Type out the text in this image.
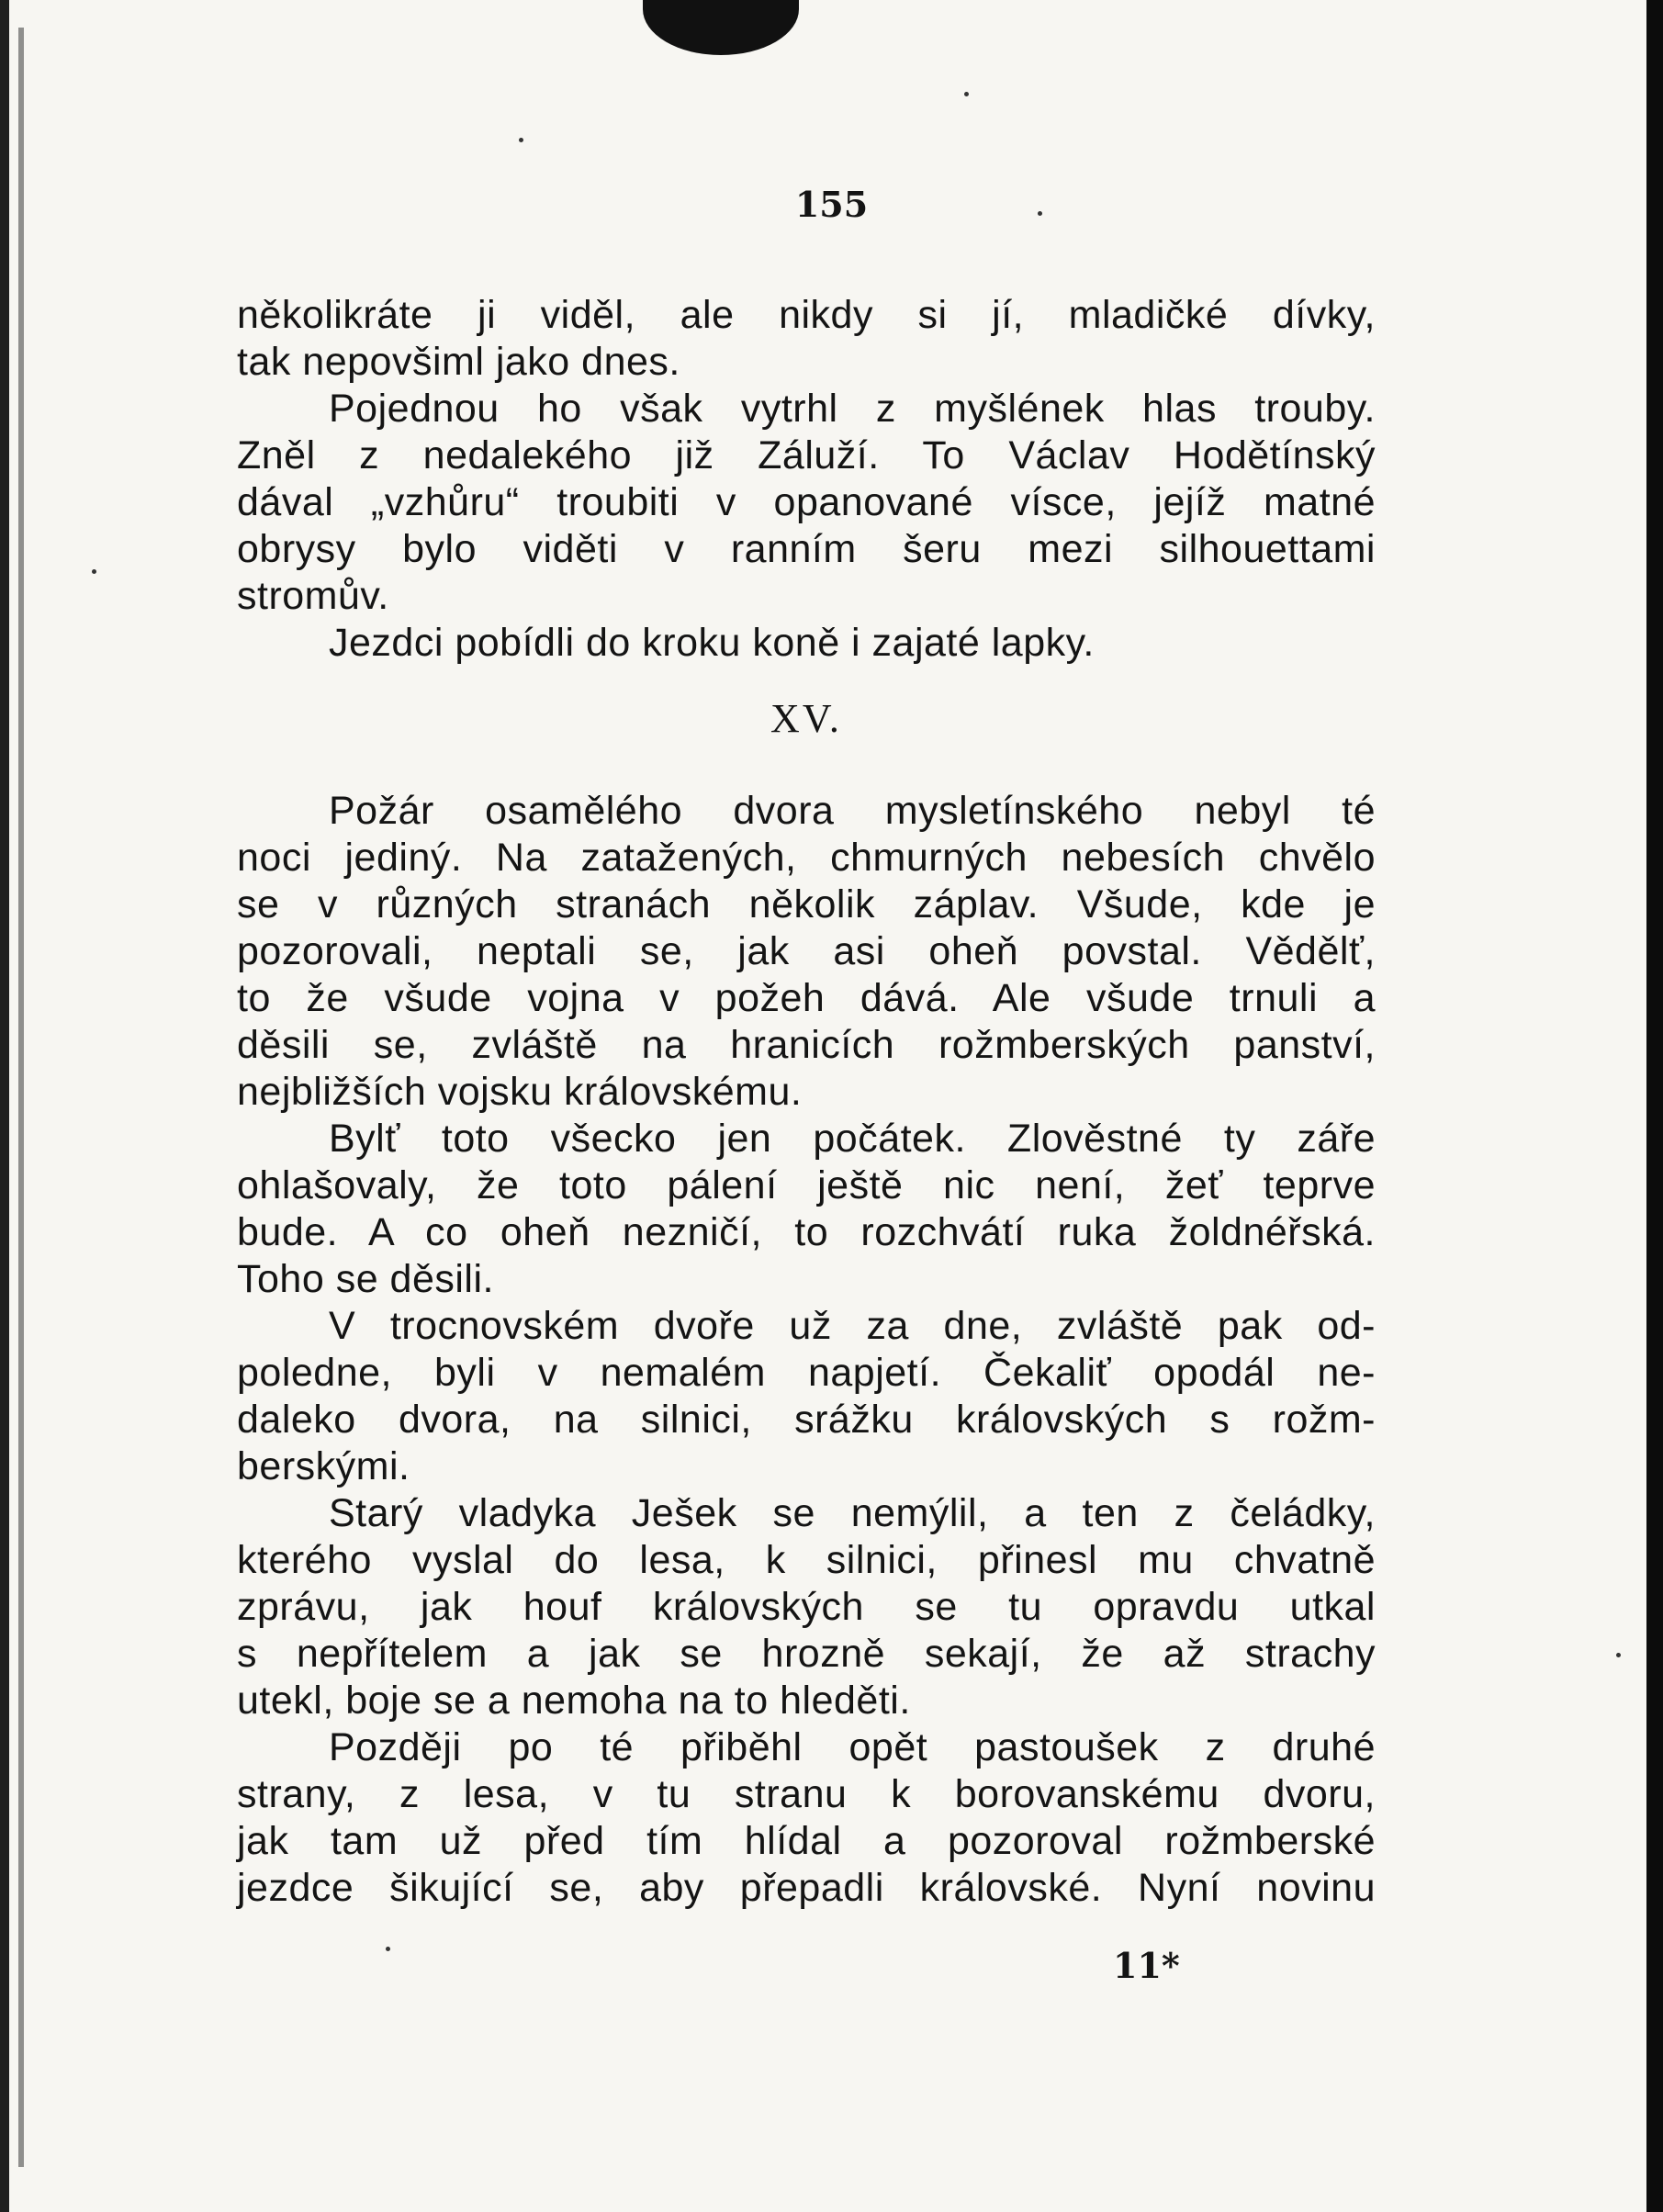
155
několikráte ji viděl, ale nikdy si jí, mladičké dívky,
tak nepovšiml jako dnes.
Pojednou ho však vytrhl z myšlének hlas trouby.
Zněl z nedalekého již Záluží. To Václav Hodětínský
dával „vzhůru“ troubiti v opanované vísce, jejíž matné
obrysy bylo viděti v ranním šeru mezi silhouettami
stromův.
Jezdci pobídli do kroku koně i zajaté lapky.
XV.
Požár osamělého dvora mysletínského nebyl té
noci jediný. Na zatažených, chmurných nebesích chvělo
se v různých stranách několik záplav. Všude, kde je
pozorovali, neptali se, jak asi oheň povstal. Vědělť,
to že všude vojna v požeh dává. Ale všude trnuli a
děsili se, zvláště na hranicích rožmberských panství,
nejbližších vojsku královskému.
Bylť toto všecko jen počátek. Zlověstné ty záře
ohlašovaly, že toto pálení ještě nic není, žeť teprve
bude. A co oheň nezničí, to rozchvátí ruka žoldnéřská.
Toho se děsili.
V trocnovském dvoře už za dne, zvláště pak od-
poledne, byli v nemalém napjetí. Čekaliť opodál ne-
daleko dvora, na silnici, srážku královských s rožm-
berskými.
Starý vladyka Ješek se nemýlil, a ten z čeládky,
kterého vyslal do lesa, k silnici, přinesl mu chvatně
zprávu, jak houf královských se tu opravdu utkal
s nepřítelem a jak se hrozně sekají, že až strachy
utekl, boje se a nemoha na to hleděti.
Později po té přiběhl opět pastoušek z druhé
strany, z lesa, v tu stranu k borovanskému dvoru,
jak tam už před tím hlídal a pozoroval rožmberské
jezdce šikující se, aby přepadli královské. Nyní novinu
11*
